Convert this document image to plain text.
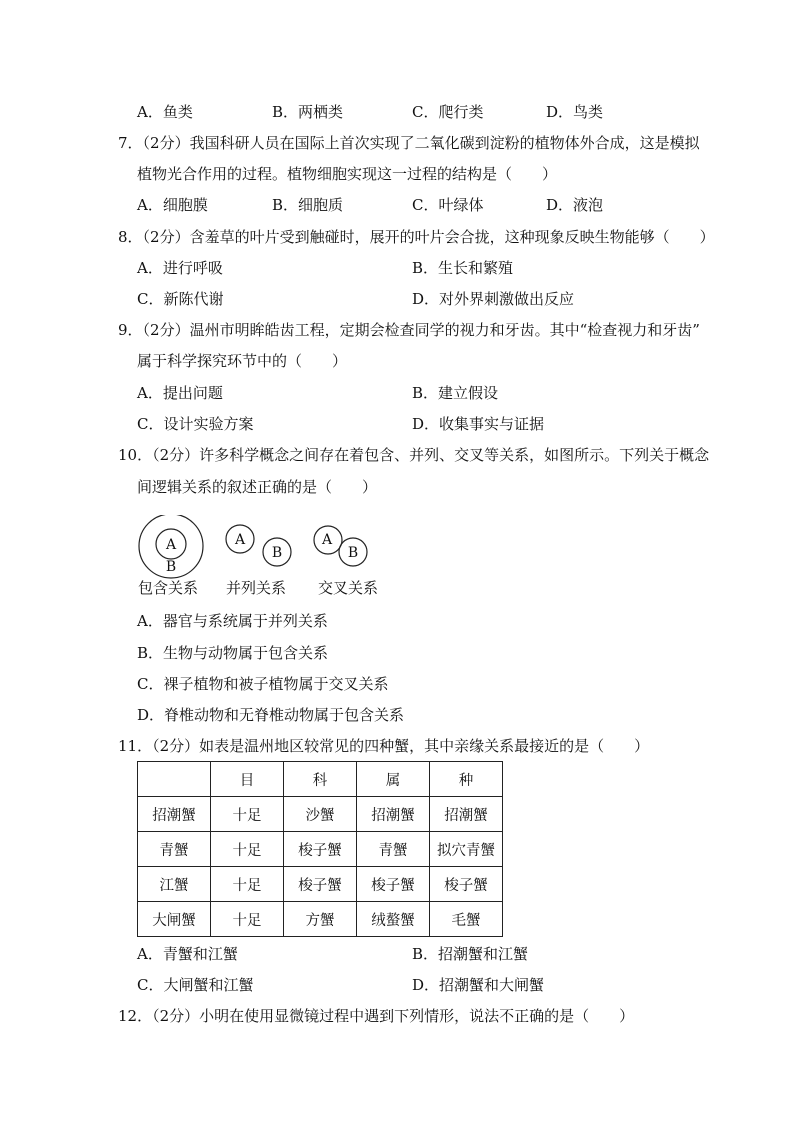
A．鱼类	B．两栖类	C．爬行类	D．鸟类
7．（2分）我国科研人员在国际上首次实现了二氧化碳到淀粉的植物体外合成，这是模拟
植物光合作用的过程。植物细胞实现这一过程的结构是（　　）
A．细胞膜	B．细胞质	C．叶绿体	D．液泡
8．（2分）含羞草的叶片受到触碰时，展开的叶片会合拢，这种现象反映生物能够（　　）
A．进行呼吸	B．生长和繁殖
C．新陈代谢	D．对外界刺激做出反应
9．（2分）温州市明眸皓齿工程，定期会检查同学的视力和牙齿。其中“检查视力和牙齿”
属于科学探究环节中的（　　）
A．提出问题	B．建立假设
C．设计实验方案	D．收集事实与证据
10．（2分）许多科学概念之间存在着包含、并列、交叉等关系，如图所示。下列关于概念
间逻辑关系的叙述正确的是（　　）
A
B
A
B
A
B
包含关系 并列关系 交叉关系
A．器官与系统属于并列关系
B．生物与动物属于包含关系
C．裸子植物和被子植物属于交叉关系
D．脊椎动物和无脊椎动物属于包含关系
11．（2分）如表是温州地区较常见的四种蟹，其中亲缘关系最接近的是（　　）
	目	科	属	种
招潮蟹	十足	沙蟹	招潮蟹	招潮蟹
青蟹	十足	梭子蟹	青蟹	拟穴青蟹
江蟹	十足	梭子蟹	梭子蟹	梭子蟹
大闸蟹	十足	方蟹	绒螯蟹	毛蟹
A．青蟹和江蟹	B．招潮蟹和江蟹
C．大闸蟹和江蟹	D．招潮蟹和大闸蟹
12．（2分）小明在使用显微镜过程中遇到下列情形，说法不正确的是（　　）
